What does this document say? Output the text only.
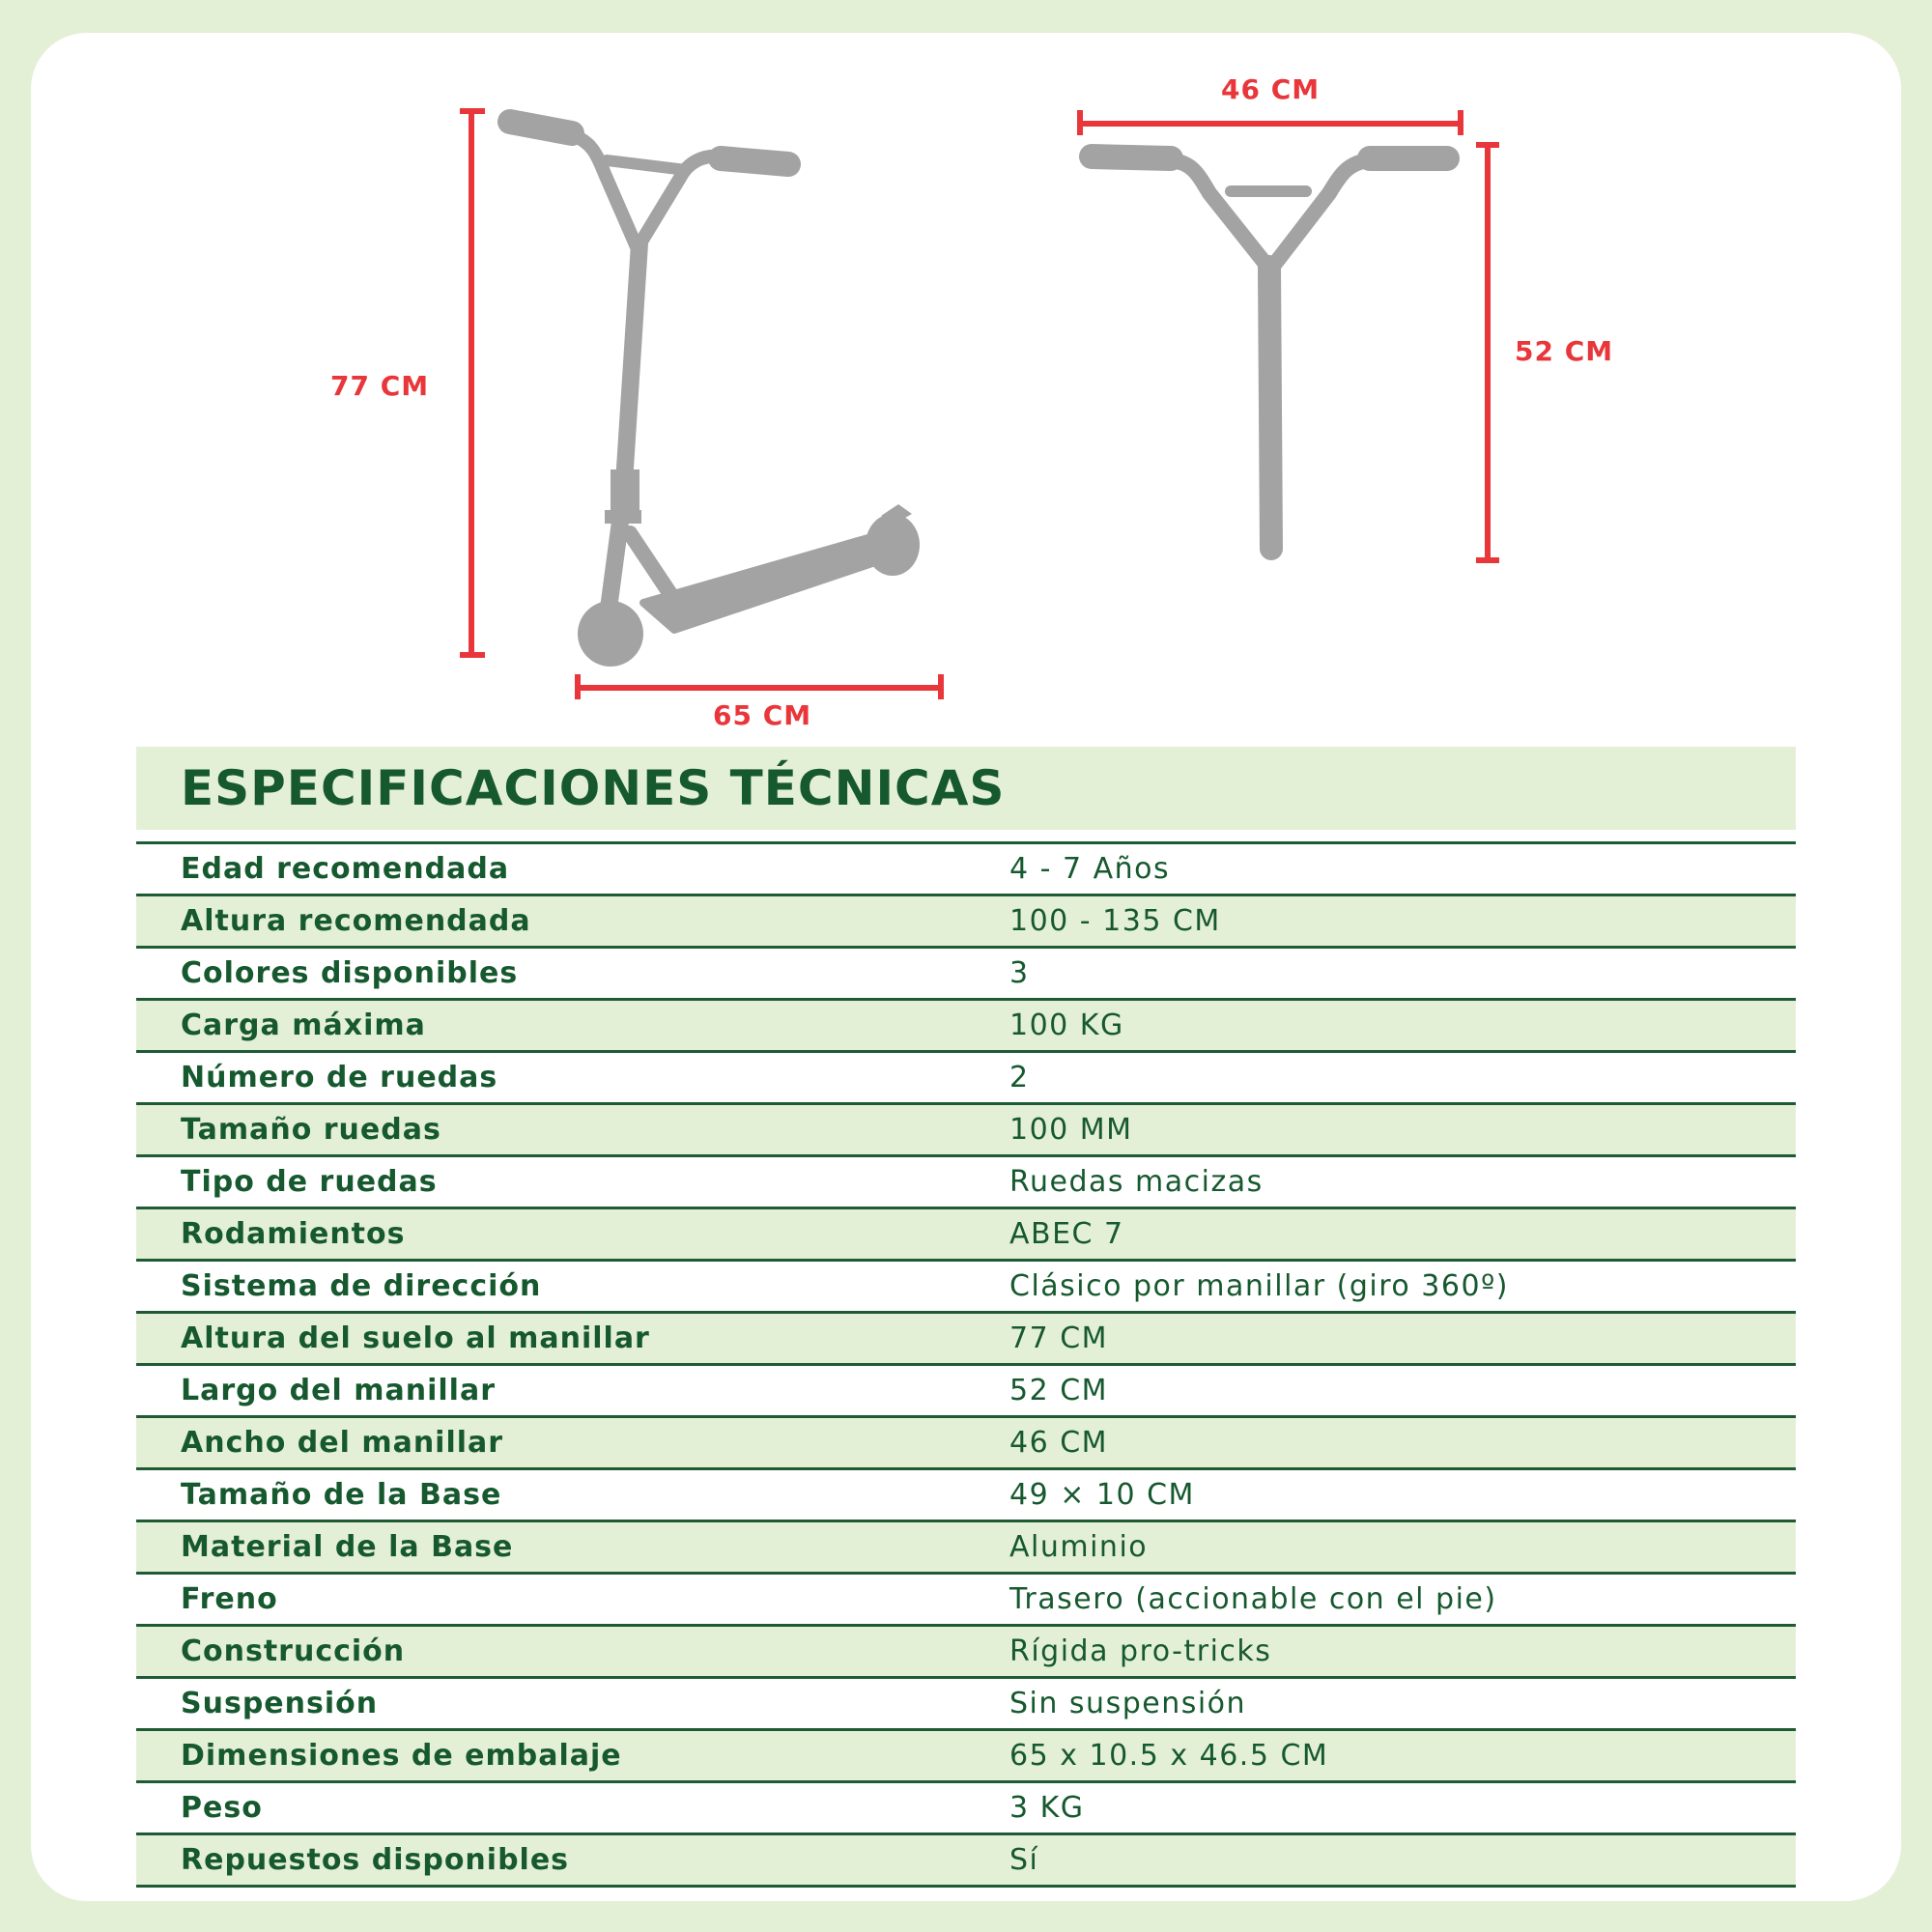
77 CM
65 CM
46 CM
52 CM
ESPECIFICACIONES TÉCNICAS
Edad recomendada	4 - 7 Años
Altura recomendada	100 - 135 CM
Colores disponibles	3
Carga máxima	100 KG
Número de ruedas	2
Tamaño ruedas	100 MM
Tipo de ruedas	Ruedas macizas
Rodamientos	ABEC 7
Sistema de dirección	Clásico por manillar (giro 360º)
Altura del suelo al manillar	77 CM
Largo del manillar	52 CM
Ancho del manillar	46 CM
Tamaño de la Base	49 × 10 CM
Material de la Base	Aluminio
Freno	Trasero (accionable con el pie)
Construcción	Rígida pro-tricks
Suspensión	Sin suspensión
Dimensiones de embalaje	65 x 10.5 x 46.5 CM
Peso	3 KG
Repuestos disponibles	Sí
